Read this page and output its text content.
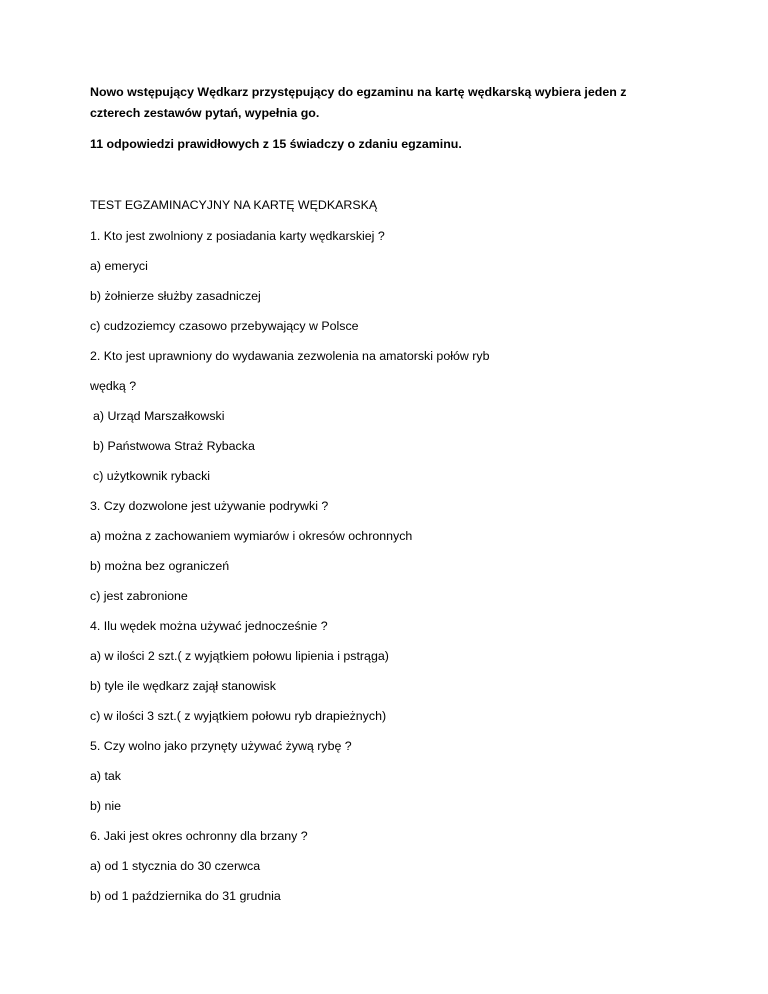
Nowo wstępujący Wędkarz przystępujący do egzaminu na kartę wędkarską wybiera jeden z
czterech zestawów pytań, wypełnia go.
11 odpowiedzi prawidłowych z 15 świadczy o zdaniu egzaminu.
TEST EGZAMINACYJNY NA KARTĘ WĘDKARSKĄ
1. Kto jest zwolniony z posiadania karty wędkarskiej ?
a) emeryci
b) żołnierze służby zasadniczej
c) cudzoziemcy czasowo przebywający w Polsce
2. Kto jest uprawniony do wydawania zezwolenia na amatorski połów ryb
wędką ?
a) Urząd Marszałkowski
b) Państwowa Straż Rybacka
c) użytkownik rybacki
3. Czy dozwolone jest używanie podrywki ?
a) można z zachowaniem wymiarów i okresów ochronnych
b) można bez ograniczeń
c) jest zabronione
4. Ilu wędek można używać jednocześnie ?
a) w ilości 2 szt.( z wyjątkiem połowu lipienia i pstrąga)
b) tyle ile wędkarz zajął stanowisk
c) w ilości 3 szt.( z wyjątkiem połowu ryb drapieżnych)
5. Czy wolno jako przynęty używać żywą rybę ?
a) tak
b) nie
6. Jaki jest okres ochronny dla brzany ?
a) od 1 stycznia do 30 czerwca
b) od 1 października do 31 grudnia
